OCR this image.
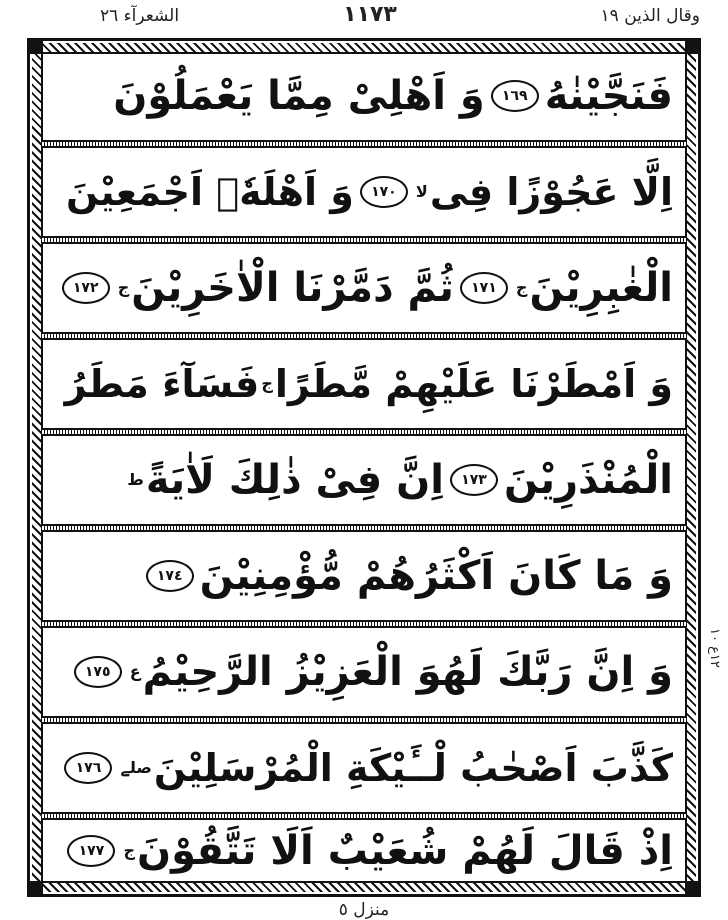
الشعرآء ٢٦	١١٧٣	وقال الذين ١٩
فَنَجَّيْنٰهُ
١٦٩
وَ اَهْلِىْ مِمَّا يَعْمَلُوْنَ
اِلَّا عَجُوْزًا فِى
لا
١٧٠
وَ اَهْلَهٗۤ اَجْمَعِيْنَ
الْغٰبِرِيْنَ
ج
١٧١
ثُمَّ دَمَّرْنَا الْاٰخَرِيْنَ
ج
١٧٢
وَ اَمْطَرْنَا عَلَيْهِمْ مَّطَرًا
ج
فَسَآءَ مَطَرُ
الْمُنْذَرِيْنَ
١٧٣
اِنَّ فِىْ ذٰلِكَ لَاٰيَةً
ط
وَ مَا كَانَ اَكْثَرُهُمْ مُّؤْمِنِيْنَ
١٧٤
وَ اِنَّ رَبَّكَ لَهُوَ الْعَزِيْزُ الرَّحِيْمُ
ع
١٧٥
كَذَّبَ اَصْحٰبُ لْــَٔيْكَةِ الْمُرْسَلِيْنَ
صلے
١٧٦
اِذْ قَالَ لَهُمْ شُعَيْبٌ اَلَا تَتَّقُوْنَ
ج
١٧٧
١٢ع ١٠
منزل ٥
